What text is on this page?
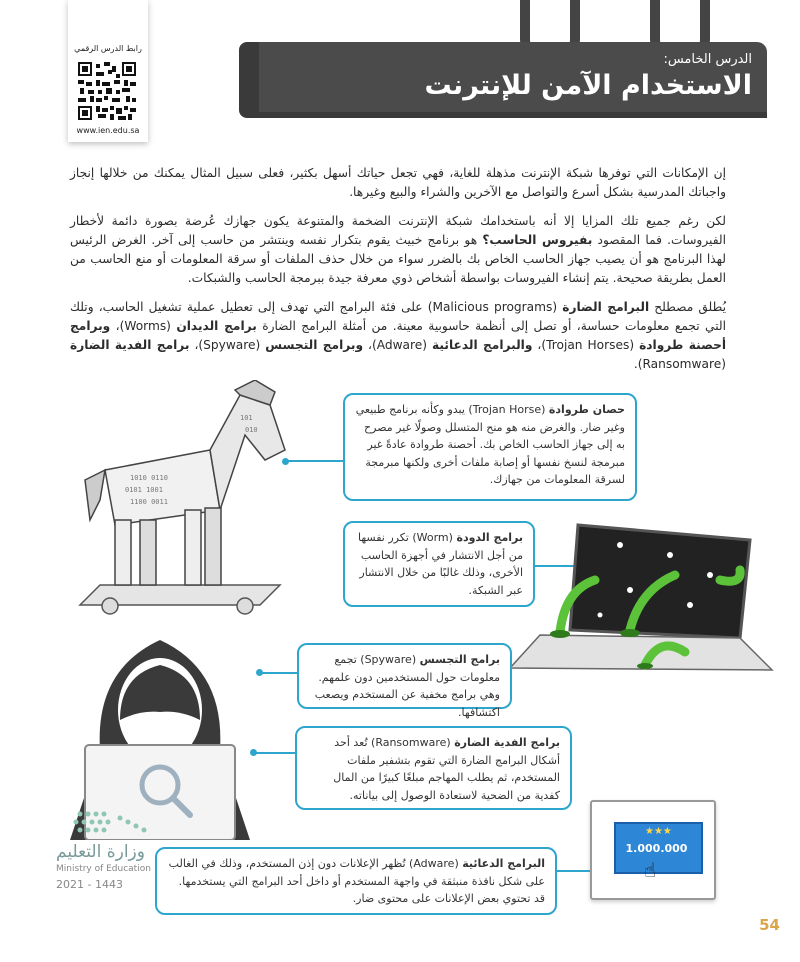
الدرس الخامس:
الاستخدام الآمن للإنترنت
رابط الدرس الرقمي
www.ien.edu.sa
إن الإمكانات التي توفرها شبكة الإنترنت مذهلة للغاية، فهي تجعل حياتك أسهل بكثير، فعلى سبيل المثال يمكنك من خلالها إنجاز واجباتك المدرسية بشكل أسرع والتواصل مع الآخرين والشراء والبيع وغيرها.
لكن رغم جميع تلك المزايا إلا أنه باستخدامك شبكة الإنترنت الضخمة والمتنوعة يكون جهازك عُرضة بصورة دائمة لأخطار الفيروسات. فما المقصود بفيروس الحاسب؟ هو برنامج خبيث يقوم بتكرار نفسه وينتشر من حاسب إلى آخر. الغرض الرئيس لهذا البرنامج هو أن يصيب جهاز الحاسب الخاص بك بالضرر سواء من خلال حذف الملفات أو سرقة المعلومات أو منع الحاسب من العمل بطريقة صحيحة. يتم إنشاء الفيروسات بواسطة أشخاص ذوي معرفة جيدة ببرمجة الحاسب والشبكات.
يُطلق مصطلح البرامج الضارة (Malicious programs) على فئة البرامج التي تهدف إلى تعطيل عملية تشغيل الحاسب، وتلك التي تجمع معلومات حساسة، أو تصل إلى أنظمة حاسوبية معينة. من أمثلة البرامج الضارة برامج الديدان (Worms)، وبرامج أحصنة طروادة (Trojan Horses)، والبرامج الدعائية (Adware)، وبرامج التجسس (Spyware)، برامج الفدية الضارة (Ransomware).
1010 0110
0101 1001
1100 0011
101
010
حصان طروادة (Trojan Horse) يبدو وكأنه برنامج طبيعي وغير ضار. والغرض منه هو منح المتسلل وصولًا غير مصرح به إلى جهاز الحاسب الخاص بك. أحصنة طروادة عادةً غير مبرمجة لنسخ نفسها أو إصابة ملفات أخرى ولكنها مبرمجة لسرقة المعلومات من جهازك.
برامج الدودة (Worm) تكرر نفسها من أجل الانتشار في أجهزة الحاسب الأخرى، وذلك غالبًا من خلال الانتشار عبر الشبكة.
برامج التجسس (Spyware) تجمع معلومات حول المستخدمين دون علمهم. وهي برامج مخفية عن المستخدم ويصعب اكتشافها.
برامج الفدية الضارة (Ransomware) تُعد أحد أشكال البرامج الضارة التي تقوم بتشفير ملفات المستخدم، ثم يطلب المهاجم مبلغًا كبيرًا من المال كفدية من الضحية لاستعادة الوصول إلى بياناته.
★★★
1.000.000
☝
البرامج الدعائية (Adware) تُظهر الإعلانات دون إذن المستخدم، وذلك في الغالب على شكل نافذة منبثقة في واجهة المستخدم أو داخل أحد البرامج التي يستخدمها. قد تحتوي بعض الإعلانات على محتوى ضار.
وزارة التعليم
Ministry of Education
2021 - 1443
54
